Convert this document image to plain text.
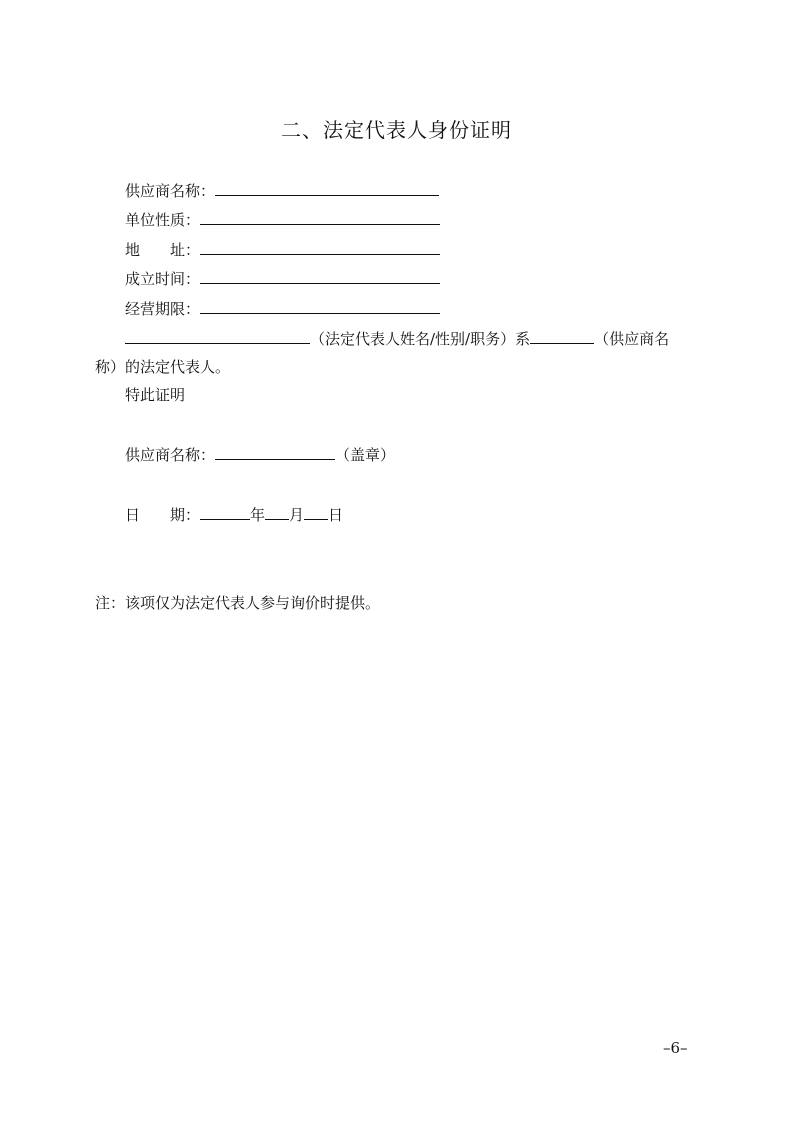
二、法定代表人身份证明
供应商名称：
单位性质：
地　　址：
成立时间：
经营期限：
（法定代表人姓名/性别/职务）系	（供应商名
称）的法定代表人。
特此证明
供应商名称：	（盖章）
日　　期：	年 月 日
注：该项仅为法定代表人参与询价时提供。
–6–
